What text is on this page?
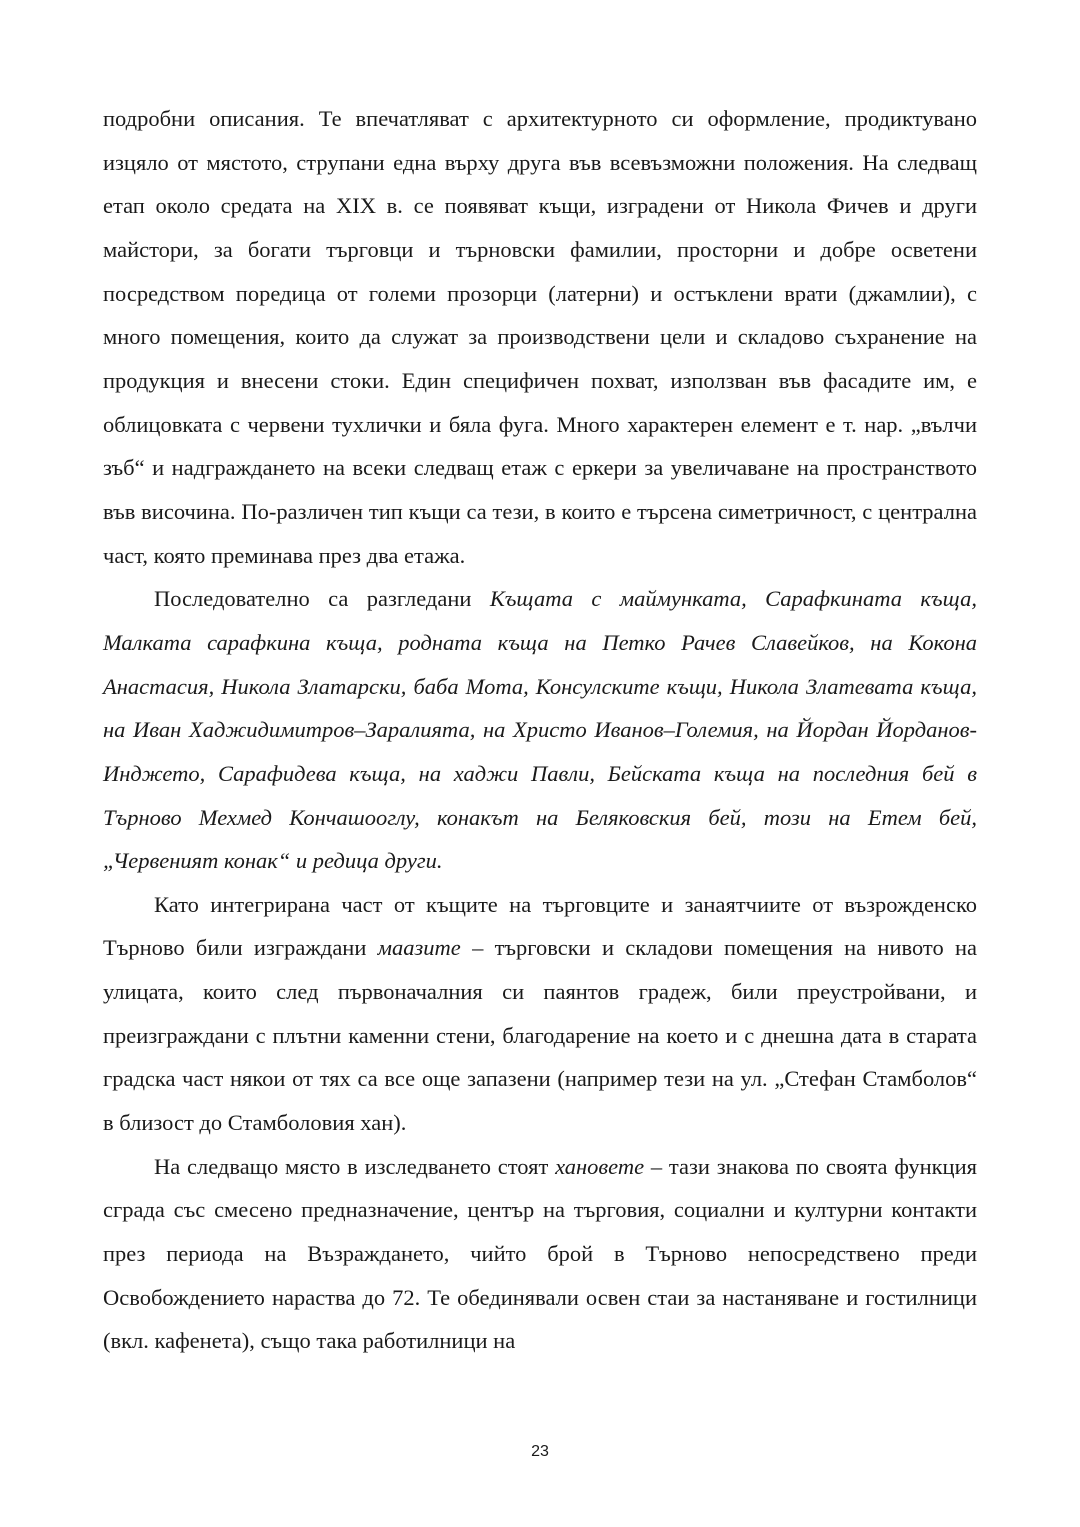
подробни описания. Те впечатляват с архитектурното си оформление, продиктувано изцяло от мястото, струпани една върху друга във всевъзможни положения. На следващ етап около средата на XIX в. се появяват къщи, изградени от Никола Фичев и други майстори, за богати търговци и търновски фамилии, просторни и добре осветени посредством поредица от големи прозорци (латерни) и остъклени врати (джамлии), с много помещения, които да служат за производствени цели и складово съхранение на продукция и внесени стоки. Един специфичен похват, използван във фасадите им, е облицовката с червени тухлички и бяла фуга. Много характерен елемент е т. нар. „вълчи зъб“ и надграждането на всеки следващ етаж с еркери за увеличаване на пространството във височина. По-различен тип къщи са тези, в които е търсена симетричност, с централна част, която преминава през два етажа.

Последователно са разгледани Къщата с маймунката, Сарафкината къща, Малката сарафкина къща, родната къща на Петко Рачев Славейков, на Кокона Анастасия, Никола Златарски, баба Мота, Консулските къщи, Никола Златевата къща, на Иван Хаджидимитров–Заралията, на Христо Иванов–Големия, на Йордан Йорданов-Инджето, Сарафидева къща, на хаджи Павли, Бейската къща на последния бей в Търново Мехмед Кончашооглу, конакът на Беляковския бей, този на Етем бей, „Червеният конак“ и редица други.

Като интегрирана част от къщите на търговците и занаятчиите от възрожденско Търново били изграждани маазите – търговски и складови помещения на нивото на улицата, които след първоначалния си паянтов градеж, били преустройвани, и преизграждани с плътни каменни стени, благодарение на което и с днешна дата в старата градска част някои от тях са все още запазени (например тези на ул. „Стефан Стамболов“ в близост до Стамболовия хан).

На следващо място в изследването стоят хановете – тази знакова по своята функция сграда със смесено предназначение, център на търговия, социални и културни контакти през периода на Възраждането, чийто брой в Търново непосредствено преди Освобождението нараства до 72. Те обединявали освен стаи за настаняване и гостилници (вкл. кафенета), също така работилници на

23
